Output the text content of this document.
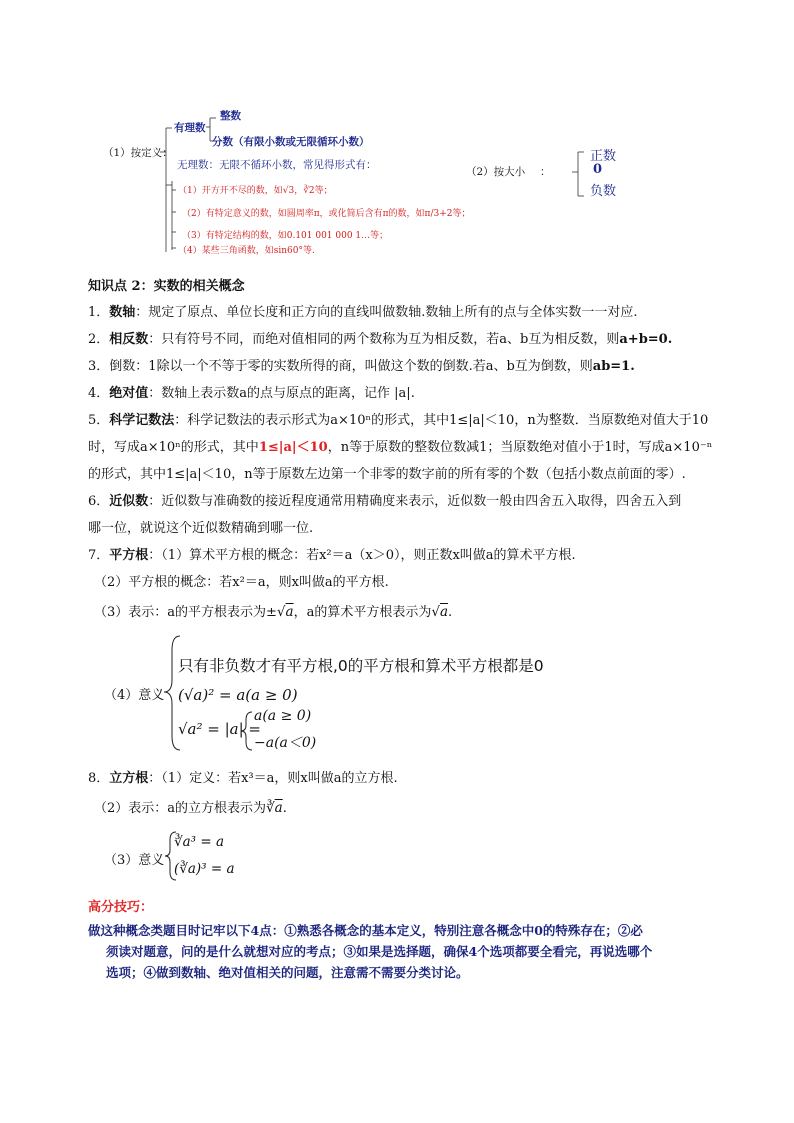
（1）按定义：
有理数
整数
分数（有限小数或无限循环小数）
无理数：无限不循环小数，常见得形式有：
（1）开方开不尽的数，如√3，∛2等；
（2）有特定意义的数，如圆周率π，或化简后含有π的数，如π/3+2等；
（3）有特定结构的数，如0.101 001 000 1…等；
（4）某些三角函数，如sin60°等.
（2）按大小 ：
正数
0
负数
知识点 2：实数的相关概念
1．数轴：规定了原点、单位长度和正方向的直线叫做数轴.数轴上所有的点与全体实数一一对应.
2．相反数：只有符号不同，而绝对值相同的两个数称为互为相反数，若a、b互为相反数，则a+b=0.
3．倒数：1除以一个不等于零的实数所得的商，叫做这个数的倒数.若a、b互为倒数，则ab=1.
4．绝对值：数轴上表示数a的点与原点的距离，记作 |a|.
5．科学记数法：科学记数法的表示形式为a×10ⁿ的形式，其中1≤|a|＜10，n为整数．当原数绝对值大于10
时，写成a×10ⁿ的形式，其中1≤|a|＜10，n等于原数的整数位数减1；当原数绝对值小于1时，写成a×10⁻ⁿ
的形式，其中1≤|a|＜10，n等于原数左边第一个非零的数字前的所有零的个数（包括小数点前面的零）.
6．近似数：近似数与准确数的接近程度通常用精确度来表示，近似数一般由四舍五入取得，四舍五入到
哪一位，就说这个近似数精确到哪一位.
7．平方根：（1）算术平方根的概念：若x²＝a（x＞0），则正数x叫做a的算术平方根.
（2）平方根的概念：若x²＝a，则x叫做a的平方根.
（3）表示：a的平方根表示为±√a，a的算术平方根表示为√a.
（4）意义
只有非负数才有平方根,0的平方根和算术平方根都是0
(√a)² = a(a ≥ 0)
√a² = |a| =
a(a ≥ 0)
−a(a＜0)
8．立方根：（1）定义：若x³＝a，则x叫做a的立方根.
（2）表示：a的立方根表示为$∛\overline{a}$.
（3）意义
∛a³ = a
(∛a)³ = a
高分技巧：
做这种概念类题目时记牢以下4点：①熟悉各概念的基本定义，特别注意各概念中0的特殊存在；②必
须读对题意，问的是什么就想对应的考点；③如果是选择题，确保4个选项都要全看完，再说选哪个
选项；④做到数轴、绝对值相关的问题，注意需不需要分类讨论。
